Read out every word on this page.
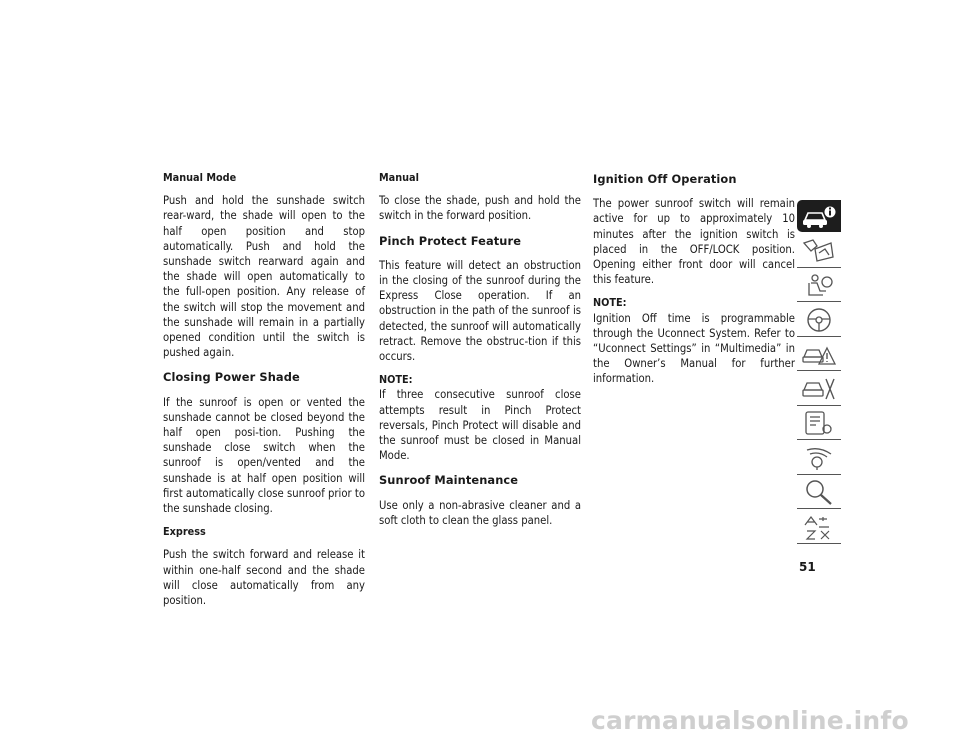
Manual Mode
Push and hold the sunshade switch rear-ward, the shade will open to the half open position and stop automatically. Push and hold the sunshade switch rearward again and the shade will open automatically to the full-open position. Any release of the switch will stop the movement and the sunshade will remain in a partially opened condition until the switch is pushed again.
Closing Power Shade
If the sunroof is open or vented the sunshade cannot be closed beyond the half open posi-tion. Pushing the sunshade close switch when the sunroof is open/vented and the sunshade is at half open position will first automatically close sunroof prior to the sunshade closing.
Express
Push the switch forward and release it within one-half second and the shade will close automatically from any position.
Manual
To close the shade, push and hold the switch in the forward position.
Pinch Protect Feature
This feature will detect an obstruction in the closing of the sunroof during the Express Close operation. If an obstruction in the path of the sunroof is detected, the sunroof will automatically retract. Remove the obstruc-tion if this occurs.
NOTE:
If three consecutive sunroof close attempts result in Pinch Protect reversals, Pinch Protect will disable and the sunroof must be closed in Manual Mode.
Sunroof Maintenance
Use only a non-abrasive cleaner and a soft cloth to clean the glass panel.
Ignition Off Operation
The power sunroof switch will remain active for up to approximately 10 minutes after the ignition switch is placed in the OFF/LOCK position. Opening either front door will cancel this feature.
NOTE:
Ignition Off time is programmable through the Uconnect System. Refer to “Uconnect Settings” in “Multimedia” in the Owner’s Manual for further information.
51
carmanualsonline.info
